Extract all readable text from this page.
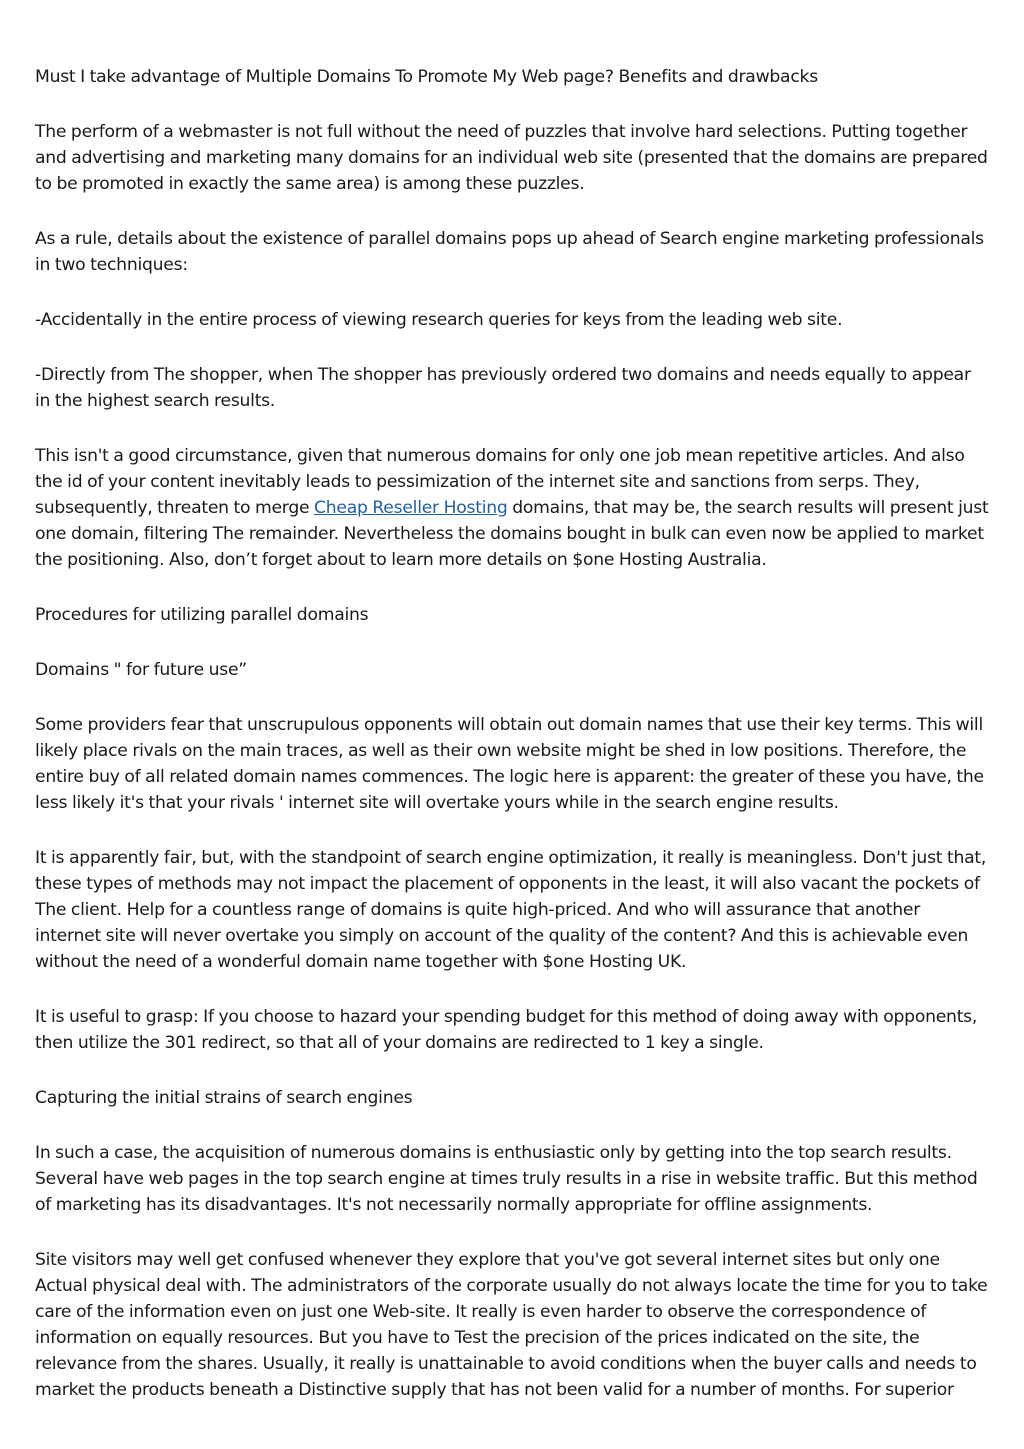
Must I take advantage of Multiple Domains To Promote My Web page? Benefits and drawbacks

The perform of a webmaster is not full without the need of puzzles that involve hard selections. Putting together and advertising and marketing many domains for an individual web site (presented that the domains are prepared to be promoted in exactly the same area) is among these puzzles.

As a rule, details about the existence of parallel domains pops up ahead of Search engine marketing professionals in two techniques:

-Accidentally in the entire process of viewing research queries for keys from the leading web site.

-Directly from The shopper, when The shopper has previously ordered two domains and needs equally to appear in the highest search results.

This isn't a good circumstance, given that numerous domains for only one job mean repetitive articles. And also the id of your content inevitably leads to pessimization of the internet site and sanctions from serps. They, subsequently, threaten to merge Cheap Reseller Hosting domains, that may be, the search results will present just one domain, filtering The remainder. Nevertheless the domains bought in bulk can even now be applied to market the positioning. Also, don’t forget about to learn more details on $one Hosting Australia.

Procedures for utilizing parallel domains

Domains " for future use”

Some providers fear that unscrupulous opponents will obtain out domain names that use their key terms. This will likely place rivals on the main traces, as well as their own website might be shed in low positions. Therefore, the entire buy of all related domain names commences. The logic here is apparent: the greater of these you have, the less likely it's that your rivals ' internet site will overtake yours while in the search engine results.

It is apparently fair, but, with the standpoint of search engine optimization, it really is meaningless. Don't just that, these types of methods may not impact the placement of opponents in the least, it will also vacant the pockets of The client. Help for a countless range of domains is quite high-priced. And who will assurance that another internet site will never overtake you simply on account of the quality of the content? And this is achievable even without the need of a wonderful domain name together with $one Hosting UK.

It is useful to grasp: If you choose to hazard your spending budget for this method of doing away with opponents, then utilize the 301 redirect, so that all of your domains are redirected to 1 key a single.

Capturing the initial strains of search engines

In such a case, the acquisition of numerous domains is enthusiastic only by getting into the top search results. Several have web pages in the top search engine at times truly results in a rise in website traffic. But this method of marketing has its disadvantages. It's not necessarily normally appropriate for offline assignments.

Site visitors may well get confused whenever they explore that you've got several internet sites but only one Actual physical deal with. The administrators of the corporate usually do not always locate the time for you to take care of the information even on just one Web-site. It really is even harder to observe the correspondence of information on equally resources. But you have to Test the precision of the prices indicated on the site, the relevance from the shares. Usually, it really is unattainable to avoid conditions when the buyer calls and needs to market the products beneath a Distinctive supply that has not been valid for a number of months. For superior
